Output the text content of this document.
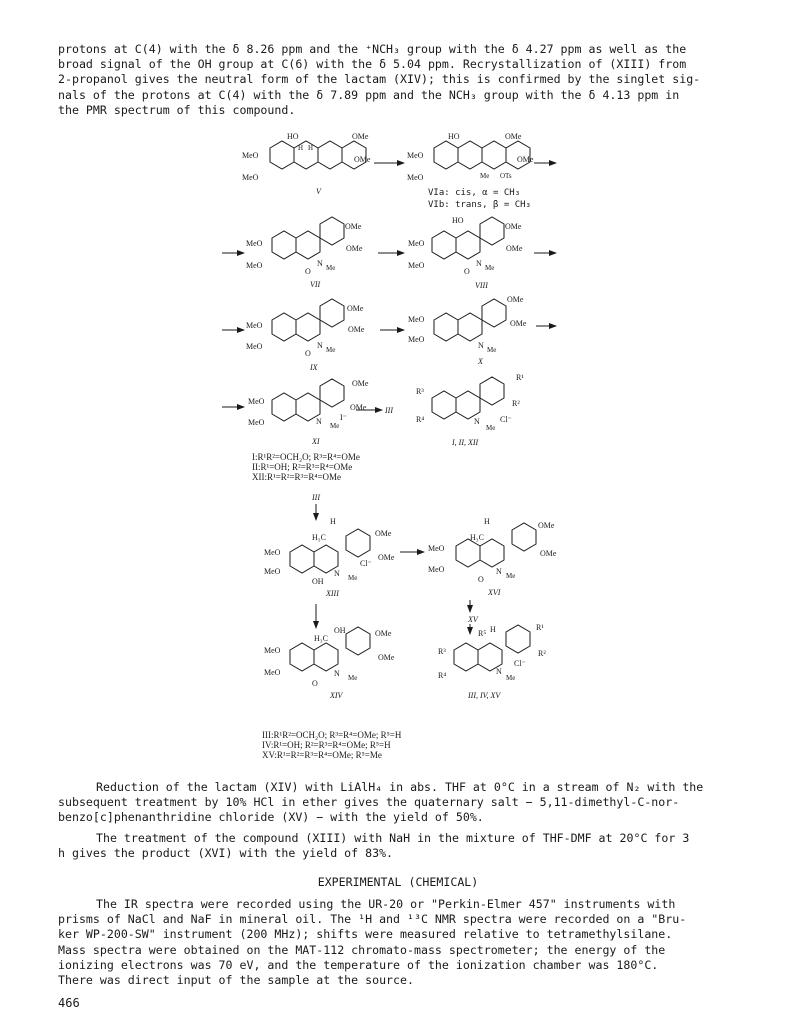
protons at C(4) with the δ 8.26 ppm and the ⁺NCH₃ group with the δ 4.27 ppm as well as the
broad signal of the OH group at C(6) with the δ 5.04 ppm. Recrystallization of (XIII) from
2-propanol gives the neutral form of the lactam (XIV); this is confirmed by the singlet sig-
nals of the protons at C(4) with the δ 7.89 ppm and the NCH₃ group with the δ 4.13 ppm in
the PMR spectrum of this compound.

HO
H H
OMe
OMe
MeO
MeO
V
HO	OMe
OMe
MeO
MeO	Me OTs
VIa: cis, α = CH₃
VIb: trans, β = CH₃
OMe
OMe
MeO
MeO	N Me
O
VII
HO
OMe
OMe
MeO
MeO	N Me
O
VIII
OMe
OMe
MeO
MeO	N Me
O
IX
OMe
OMe
MeO
MeO
N Me
X
OMe
OMe
MeO
MeO	N Me
I⁻
XI
III
R¹
R²
R³
R⁴	N
Me
Cl⁻
I, II, XII
I:R¹R²=OCH₂O; R³=R⁴=OMe
II:R¹=OH; R²=R³=R⁴=OMe
XII:R¹=R²=R³=R⁴=OMe
III
H
H₃C	OMe
OMe
MeO
MeO	N Me
Cl⁻
OH
XIII
H
H₃C
OMe
OMe
MeO
MeO	N Me
O
XVI
XV
OH
H₃C
OMe
OMe
MeO
MeO	N Me
O
XIV
R⁵ H	R¹
R²
R³
R⁴	N
Me
Cl⁻
III, IV, XV
III:R¹R²=OCH₂O; R³=R⁴=OMe; R⁵=H
IV:R¹=OH; R²=R³=R⁴=OMe; R⁵=H
XV:R¹=R²=R³=R⁴=OMe; R⁵=Me

Reduction of the lactam (XIV) with LiAlH₄ in abs. THF at 0°C in a stream of N₂ with the
subsequent treatment by 10% HCl in ether gives the quaternary salt − 5,11-dimethyl-C-nor-
benzo[c]phenanthridine chloride (XV) − with the yield of 50%.

The treatment of the compound (XIII) with NaH in the mixture of THF-DMF at 20°C for 3
h gives the product (XVI) with the yield of 83%.

EXPERIMENTAL (CHEMICAL)

The IR spectra were recorded using the UR-20 or "Perkin-Elmer 457" instruments with
prisms of NaCl and NaF in mineral oil. The ¹H and ¹³C NMR spectra were recorded on a "Bru-
ker WP-200-SW" instrument (200 MHz); shifts were measured relative to tetramethylsilane.
Mass spectra were obtained on the MAT-112 chromato-mass spectrometer; the energy of the
ionizing electrons was 70 eV, and the temperature of the ionization chamber was 180°C.
There was direct input of the sample at the source.

466
